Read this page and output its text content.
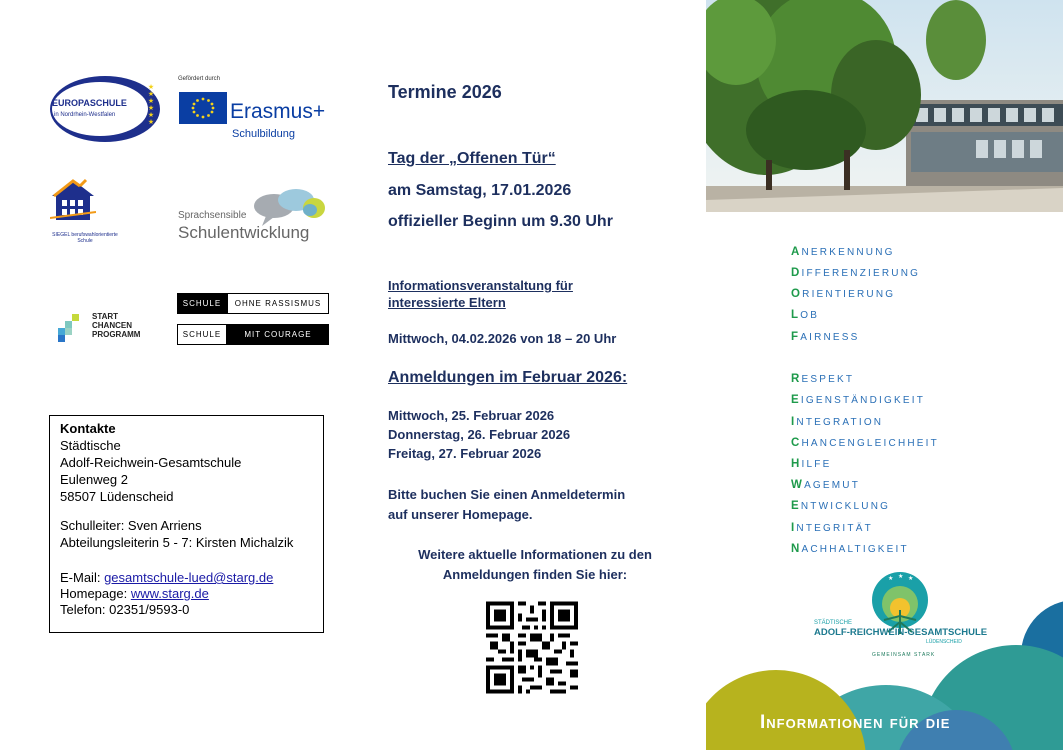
★
★
★
★
★
★
EUROPASCHULE
in Nordrhein-Westfalen
Gefördert durch
Erasmus+
Schulbildung
SIEGEL berufswahlorientierte Schule
Sprachsensible
Schulentwicklung
START
CHANCEN
PROGRAMM
SCHULE	OHNE RASSISMUS
SCHULE	MIT COURAGE
Kontakte
Städtische
Adolf-Reichwein-Gesamtschule
Eulenweg 2
58507 Lüdenscheid
Schulleiter: Sven Arriens
Abteilungsleiterin 5 - 7: Kirsten Michalzik
E-Mail: gesamtschule-lued@starg.de
Homepage: www.starg.de
Telefon: 02351/9593-0
Termine 2026
Tag der „Offenen Tür“
am Samstag, 17.01.2026
offizieller Beginn um 9.30 Uhr
Informationsveranstaltung für
interessierte Eltern
Mittwoch, 04.02.2026 von 18 – 20 Uhr
Anmeldungen im Februar 2026:
Mittwoch, 25. Februar 2026
Donnerstag, 26. Februar 2026
Freitag, 27. Februar 2026
Bitte buchen Sie einen Anmeldetermin
auf unserer Homepage.
Weitere aktuelle Informationen zu den
Anmeldungen finden Sie hier:
ANERKENNUNG
DIFFERENZIERUNG
ORIENTIERUNG
LOB
FAIRNESS
RESPEKT
EIGENSTÄNDIGKEIT
INTEGRATION
CHANCENGLEICHHEIT
HILFE
WAGEMUT
ENTWICKLUNG
INTEGRITÄT
NACHHALTIGKEIT
★ ★ ★
STÄDTISCHE
ADOLF-REICHWEIN-GESAMTSCHULE
LÜDENSCHEID
GEMEINSAM STARK
Informationen für die
